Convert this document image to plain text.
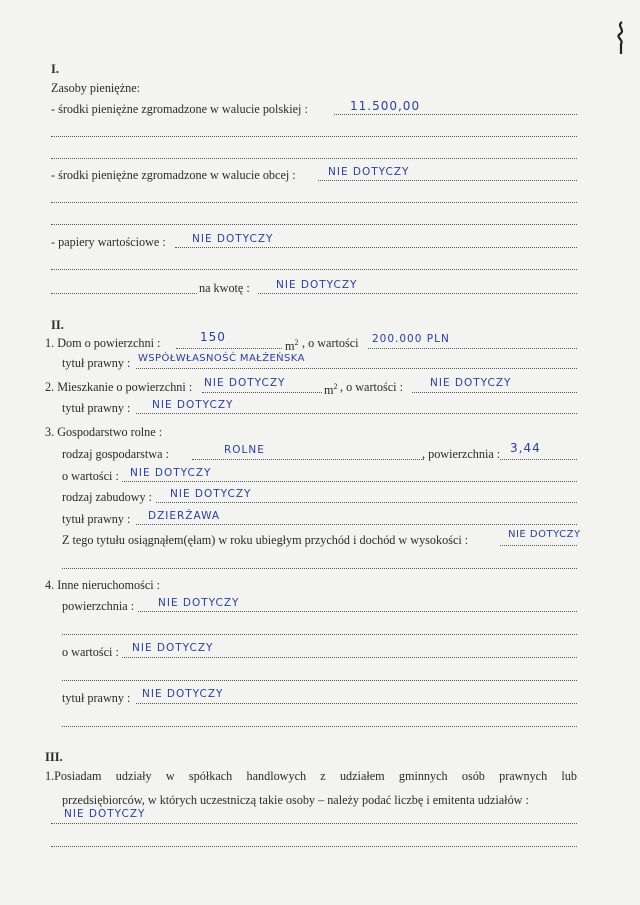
I.
Zasoby pieniężne:
- środki pieniężne zgromadzone w walucie polskiej :	11.500,00
- środki pieniężne zgromadzone w walucie obcej :	NIE DOTYCZY
- papiery wartościowe :	NIE DOTYCZY
na kwotę : NIE DOTYCZY
II.
1. Dom o powierzchni :	150
$m^2$ , o wartości 200.000 PLN
tytuł prawny : WSPÓŁWŁASNOŚĆ MAŁŻEŃSKA
2. Mieszkanie o powierzchni : NIE DOTYCZY
$m^2$ , o wartości :	NIE DOTYCZY
tytuł prawny : NIE DOTYCZY
3. Gospodarstwo rolne :
rodzaj gospodarstwa :	ROLNE	, powierzchnia : 3,44
o wartości : NIE DOTYCZY
rodzaj zabudowy : NIE DOTYCZY
tytuł prawny : DZIERŻAWA
Z tego tytułu osiągnąłem(ęłam) w roku ubiegłym przychód i dochód w wysokości :	NIE DOTYCZY
4. Inne nieruchomości :
powierzchnia : NIE DOTYCZY
o wartości : NIE DOTYCZY
tytuł prawny : NIE DOTYCZY
III.
1.Posiadam udziały w spółkach handlowych z udziałem gminnych osób prawnych lub
przedsiębiorców, w których uczestniczą takie osoby – należy podać liczbę i emitenta udziałów :
NIE DOTYCZY
